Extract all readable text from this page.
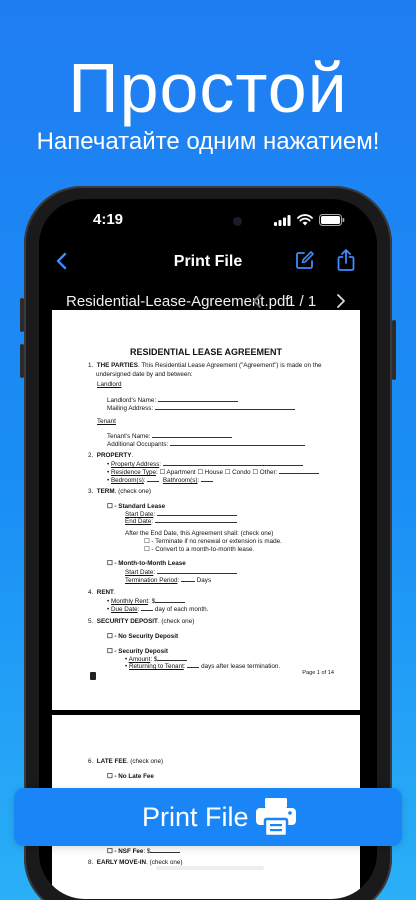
Простой
Напечатайте одним нажатием!
4:19
Print File
Residential-Lease-Agreement.pdf
1 / 1
RESIDENTIAL LEASE AGREEMENT
1. THE PARTIES. This Residential Lease Agreement ("Agreement") is made on the
undersigned date by and between:
Landlord
Landlord's Name:
Mailing Address:
Tenant
Tenant's Name:
Additional Occupants:
2. PROPERTY.
• Property Address:
• Residence Type: ☐ Apartment ☐ House ☐ Condo ☐ Other:
• Bedroom(s):   Bathroom(s):
3. TERM. (check one)
☐ - Standard Lease
Start Date:
End Date:
After the End Date, this Agreement shall: (check one)
☐ - Terminate if no renewal or extension is made.
☐ - Convert to a month-to-month lease.
☐ - Month-to-Month Lease
Start Date:
Termination Period:	Days
4. RENT.
• Monthly Rent: $
• Due Date:  day of each month.
5. SECURITY DEPOSIT. (check one)
☐ - No Security Deposit
☐ - Security Deposit
• Amount: $
• Returning to Tenant:  days after lease termination.
Page 1 of 14
6. LATE FEE. (check one)
☐ - No Late Fee
☐ - NSF Fee: $
8. EARLY MOVE-IN. (check one)
Print File
